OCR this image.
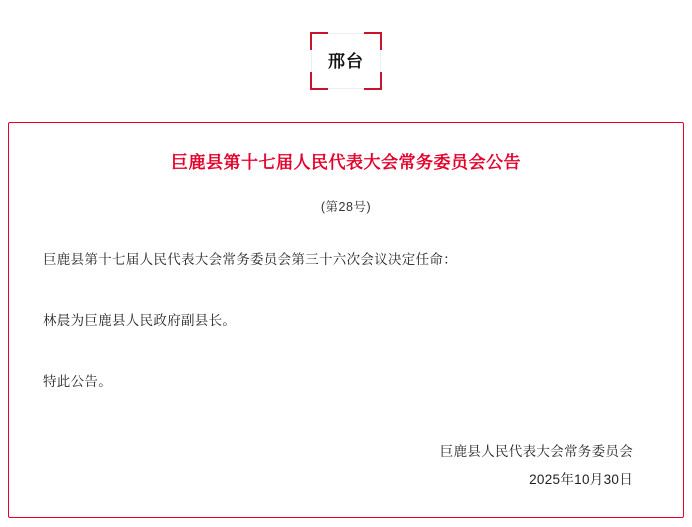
邢台
巨鹿县第十七届人民代表大会常务委员会公告
(第28号)

巨鹿县第十七届人民代表大会常务委员会第三十六次会议决定任命：

林晨为巨鹿县人民政府副县长。

特此公告。

巨鹿县人民代表大会常务委员会
2025年10月30日
